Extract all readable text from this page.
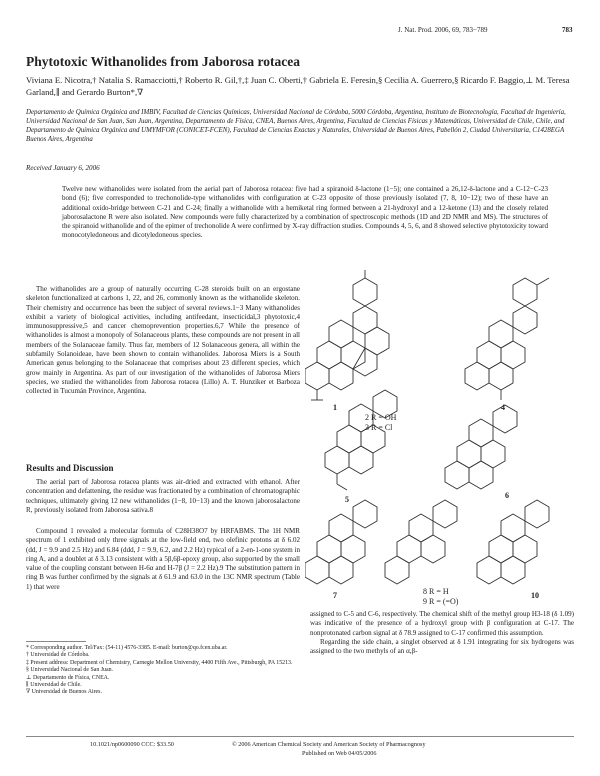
J. Nat. Prod. 2006, 69, 783−789	783
Phytotoxic Withanolides from Jaborosa rotacea
Viviana E. Nicotra,† Natalia S. Ramacciotti,† Roberto R. Gil,†,‡ Juan C. Oberti,† Gabriela E. Feresin,§ Cecilia A. Guerrero,§ Ricardo F. Baggio,⊥ M. Teresa Garland,∥ and Gerardo Burton*,∇
Departamento de Química Orgánica and IMBIV, Facultad de Ciencias Químicas, Universidad Nacional de Córdoba, 5000 Córdoba, Argentina, Instituto de Biotecnología, Facultad de Ingeniería, Universidad Nacional de San Juan, San Juan, Argentina, Departamento de Física, CNEA, Buenos Aires, Argentina, Facultad de Ciencias Físicas y Matemáticas, Universidad de Chile, Chile, and Departamento de Química Orgánica and UMYMFOR (CONICET-FCEN), Facultad de Ciencias Exactas y Naturales, Universidad de Buenos Aires, Pabellón 2, Ciudad Universitaria, C1428EGA Buenos Aires, Argentina
Received January 6, 2006
Twelve new withanolides were isolated from the aerial part of Jaborosa rotacea: five had a spiranoid δ-lactone (1−5); one contained a 26,12-δ-lactone and a C-12−C-23 bond (6); five corresponded to trechonolide-type withanolides with configuration at C-23 opposite of those previously isolated (7, 8, 10−12); two of these have an additional oxido-bridge between C-21 and C-24; finally a withanolide with a hemiketal ring formed between a 21-hydroxyl and a 12-ketone (13) and the closely related jaborosalactone R were also isolated. New compounds were fully characterized by a combination of spectroscopic methods (1D and 2D NMR and MS). The structures of the spiranoid withanolide and of the epimer of trechonolide A were confirmed by X-ray diffraction studies. Compounds 4, 5, 6, and 8 showed selective phytotoxicity toward monocotyledoneous and dicotyledoneous species.
The withanolides are a group of naturally occurring C-28 steroids built on an ergostane skeleton functionalized at carbons 1, 22, and 26, commonly known as the withanolide skeleton. Their chemistry and occurrence has been the subject of several reviews.1−3 Many withanolides exhibit a variety of biological activities, including antifeedant, insecticidal,3 phytotoxic,4 immunosuppressive,5 and cancer chemoprevention properties.6,7 While the presence of withanolides is almost a monopoly of Solanaceous plants, these compounds are not present in all members of the Solanaceae family. Thus far, members of 12 Solanaceous genera, all within the subfamily Solanoideae, have been shown to contain withanolides. Jaborosa Miers is a South American genus belonging to the Solanaceae that comprises about 23 different species, which grow mainly in Argentina. As part of our investigation of the withanolides of Jaborosa Miers species, we studied the withanolides from Jaborosa rotacea (Lillo) A. T. Hunziker et Barboza collected in Tucumán Province, Argentina.
Results and Discussion
The aerial part of Jaborosa rotacea plants was air-dried and extracted with ethanol. After concentration and defattening, the residue was fractionated by a combination of chromatographic techniques, ultimately giving 12 new withanolides (1−8, 10−13) and the known jaborosalactone R, previously isolated from Jaborosa sativa.8
Compound 1 revealed a molecular formula of C28H38O7 by HRFABMS. The 1H NMR spectrum of 1 exhibited only three signals at the low-field end, two olefinic protons at δ 6.02 (dd, J = 9.9 and 2.5 Hz) and 6.84 (ddd, J = 9.9, 6.2, and 2.2 Hz) typical of a 2-en-1-one system in ring A, and a doublet at δ 3.13 consistent with a 5β,6β-epoxy group, also supported by the small value of the coupling constant between H-6α and H-7β (J = 2.2 Hz).9 The substitution pattern in ring B was further confirmed by the signals at δ 61.9 and 63.0 in the 13C NMR spectrum (Table 1) that were
1
2 R = OH
3 R = Cl
4
5	6
7	8 R = H
9 R = (=O)
10

assigned to C-5 and C-6, respectively. The chemical shift of the methyl group H3-18 (δ 1.09) was indicative of the presence of a hydroxyl group with β configuration at C-17. The nonprotonated carbon signal at δ 78.9 assigned to C-17 confirmed this assumption.

Regarding the side chain, a singlet observed at δ 1.91 integrating for six hydrogens was assigned to the two methyls of an α,β-

* Corresponding author. Tel/Fax: (54-11) 4576-3385. E-mail: burton@qo.fcen.uba.ar.

† Universidad de Córdoba.

‡ Present address: Department of Chemistry, Carnegie Mellon University, 4400 Fifth Ave., Pittsburgh, PA 15213.

§ Universidad Nacional de San Juan.

⊥ Departamento de Física, CNEA.

∥ Universidad de Chile.

∇ Universidad de Buenos Aires.

10.1021/np0600090 CCC: $33.50	© 2006 American Chemical Society and American Society of Pharmacognosy
Published on Web 04/05/2006
